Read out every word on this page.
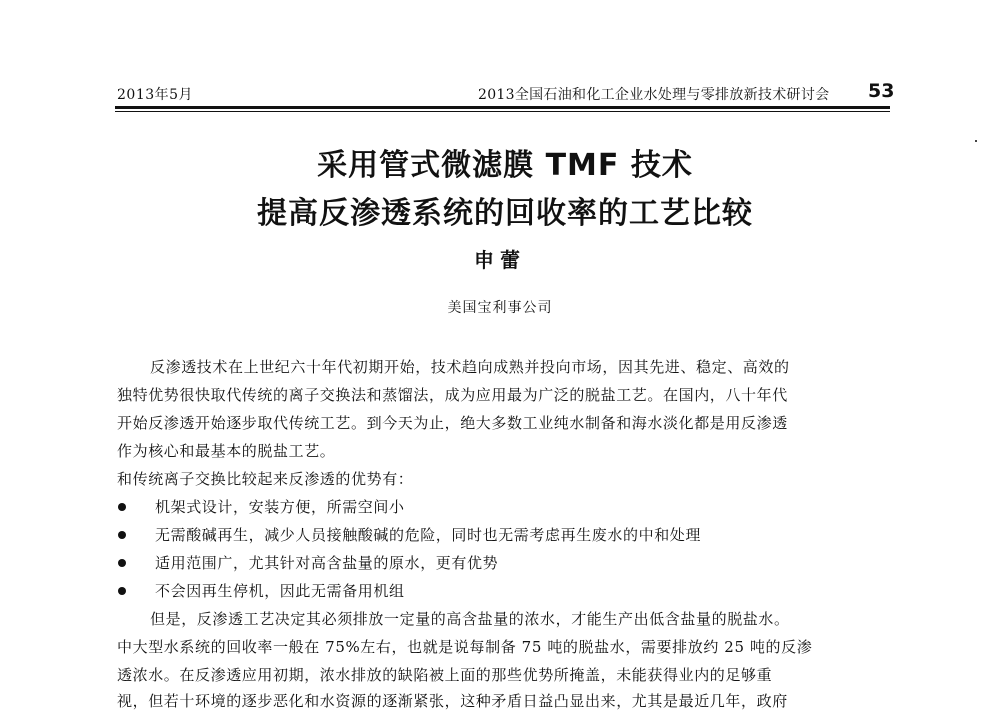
2013年5月	2013全国石油和化工企业水处理与零排放新技术研讨会 53
采用管式微滤膜 TMF 技术
提高反渗透系统的回收率的工艺比较
申蕾
美国宝利事公司
反渗透技术在上世纪六十年代初期开始，技术趋向成熟并投向市场，因其先进、稳定、高效的
独特优势很快取代传统的离子交换法和蒸馏法，成为应用最为广泛的脱盐工艺。在国内，八十年代
开始反渗透开始逐步取代传统工艺。到今天为止，绝大多数工业纯水制备和海水淡化都是用反渗透
作为核心和最基本的脱盐工艺。
和传统离子交换比较起来反渗透的优势有：
机架式设计，安装方便，所需空间小
无需酸碱再生，减少人员接触酸碱的危险，同时也无需考虑再生废水的中和处理
适用范围广，尤其针对高含盐量的原水，更有优势
不会因再生停机，因此无需备用机组
但是，反渗透工艺决定其必须排放一定量的高含盐量的浓水，才能生产出低含盐量的脱盐水。
中大型水系统的回收率一般在 75%左右，也就是说每制备 75 吨的脱盐水，需要排放约 25 吨的反渗
透浓水。在反渗透应用初期，浓水排放的缺陷被上面的那些优势所掩盖，未能获得业内的足够重
视，但若十环境的逐步恶化和水资源的逐渐紧张，这种矛盾日益凸显出来，尤其是最近几年，政府
